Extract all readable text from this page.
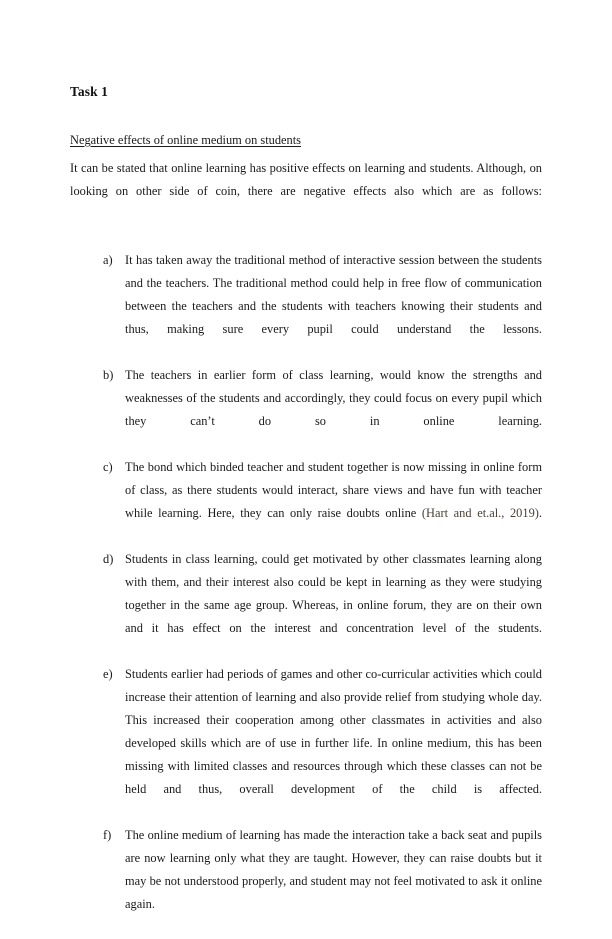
Task 1
Negative effects of online medium on students

It can be stated that online learning has positive effects on learning and students. Although, on looking on other side of coin, there are negative effects also which are as follows:

a) It has taken away the traditional method of interactive session between the students and the teachers. The traditional method could help in free flow of communication between the teachers and the students with teachers knowing their students and thus, making sure every pupil could understand the lessons.
b) The teachers in earlier form of class learning, would know the strengths and weaknesses of the students and accordingly, they could focus on every pupil which they can’t do so in online learning.
c) The bond which binded teacher and student together is now missing in online form of class, as there students would interact, share views and have fun with teacher while learning. Here, they can only raise doubts online (Hart and et.al., 2019).
d) Students in class learning, could get motivated by other classmates learning along with them, and their interest also could be kept in learning as they were studying together in the same age group. Whereas, in online forum, they are on their own and it has effect on the interest and concentration level of the students.
e) Students earlier had periods of games and other co-curricular activities which could increase their attention of learning and also provide relief from studying whole day. This increased their cooperation among other classmates in activities and also developed skills which are of use in further life. In online medium, this has been missing with limited classes and resources through which these classes can not be held and thus, overall development of the child is affected.
f)	The online medium of learning has made the interaction take a back seat and pupils are now learning only what they are taught. However, they can raise doubts but it may be not understood properly, and student may not feel motivated to ask it online again.
